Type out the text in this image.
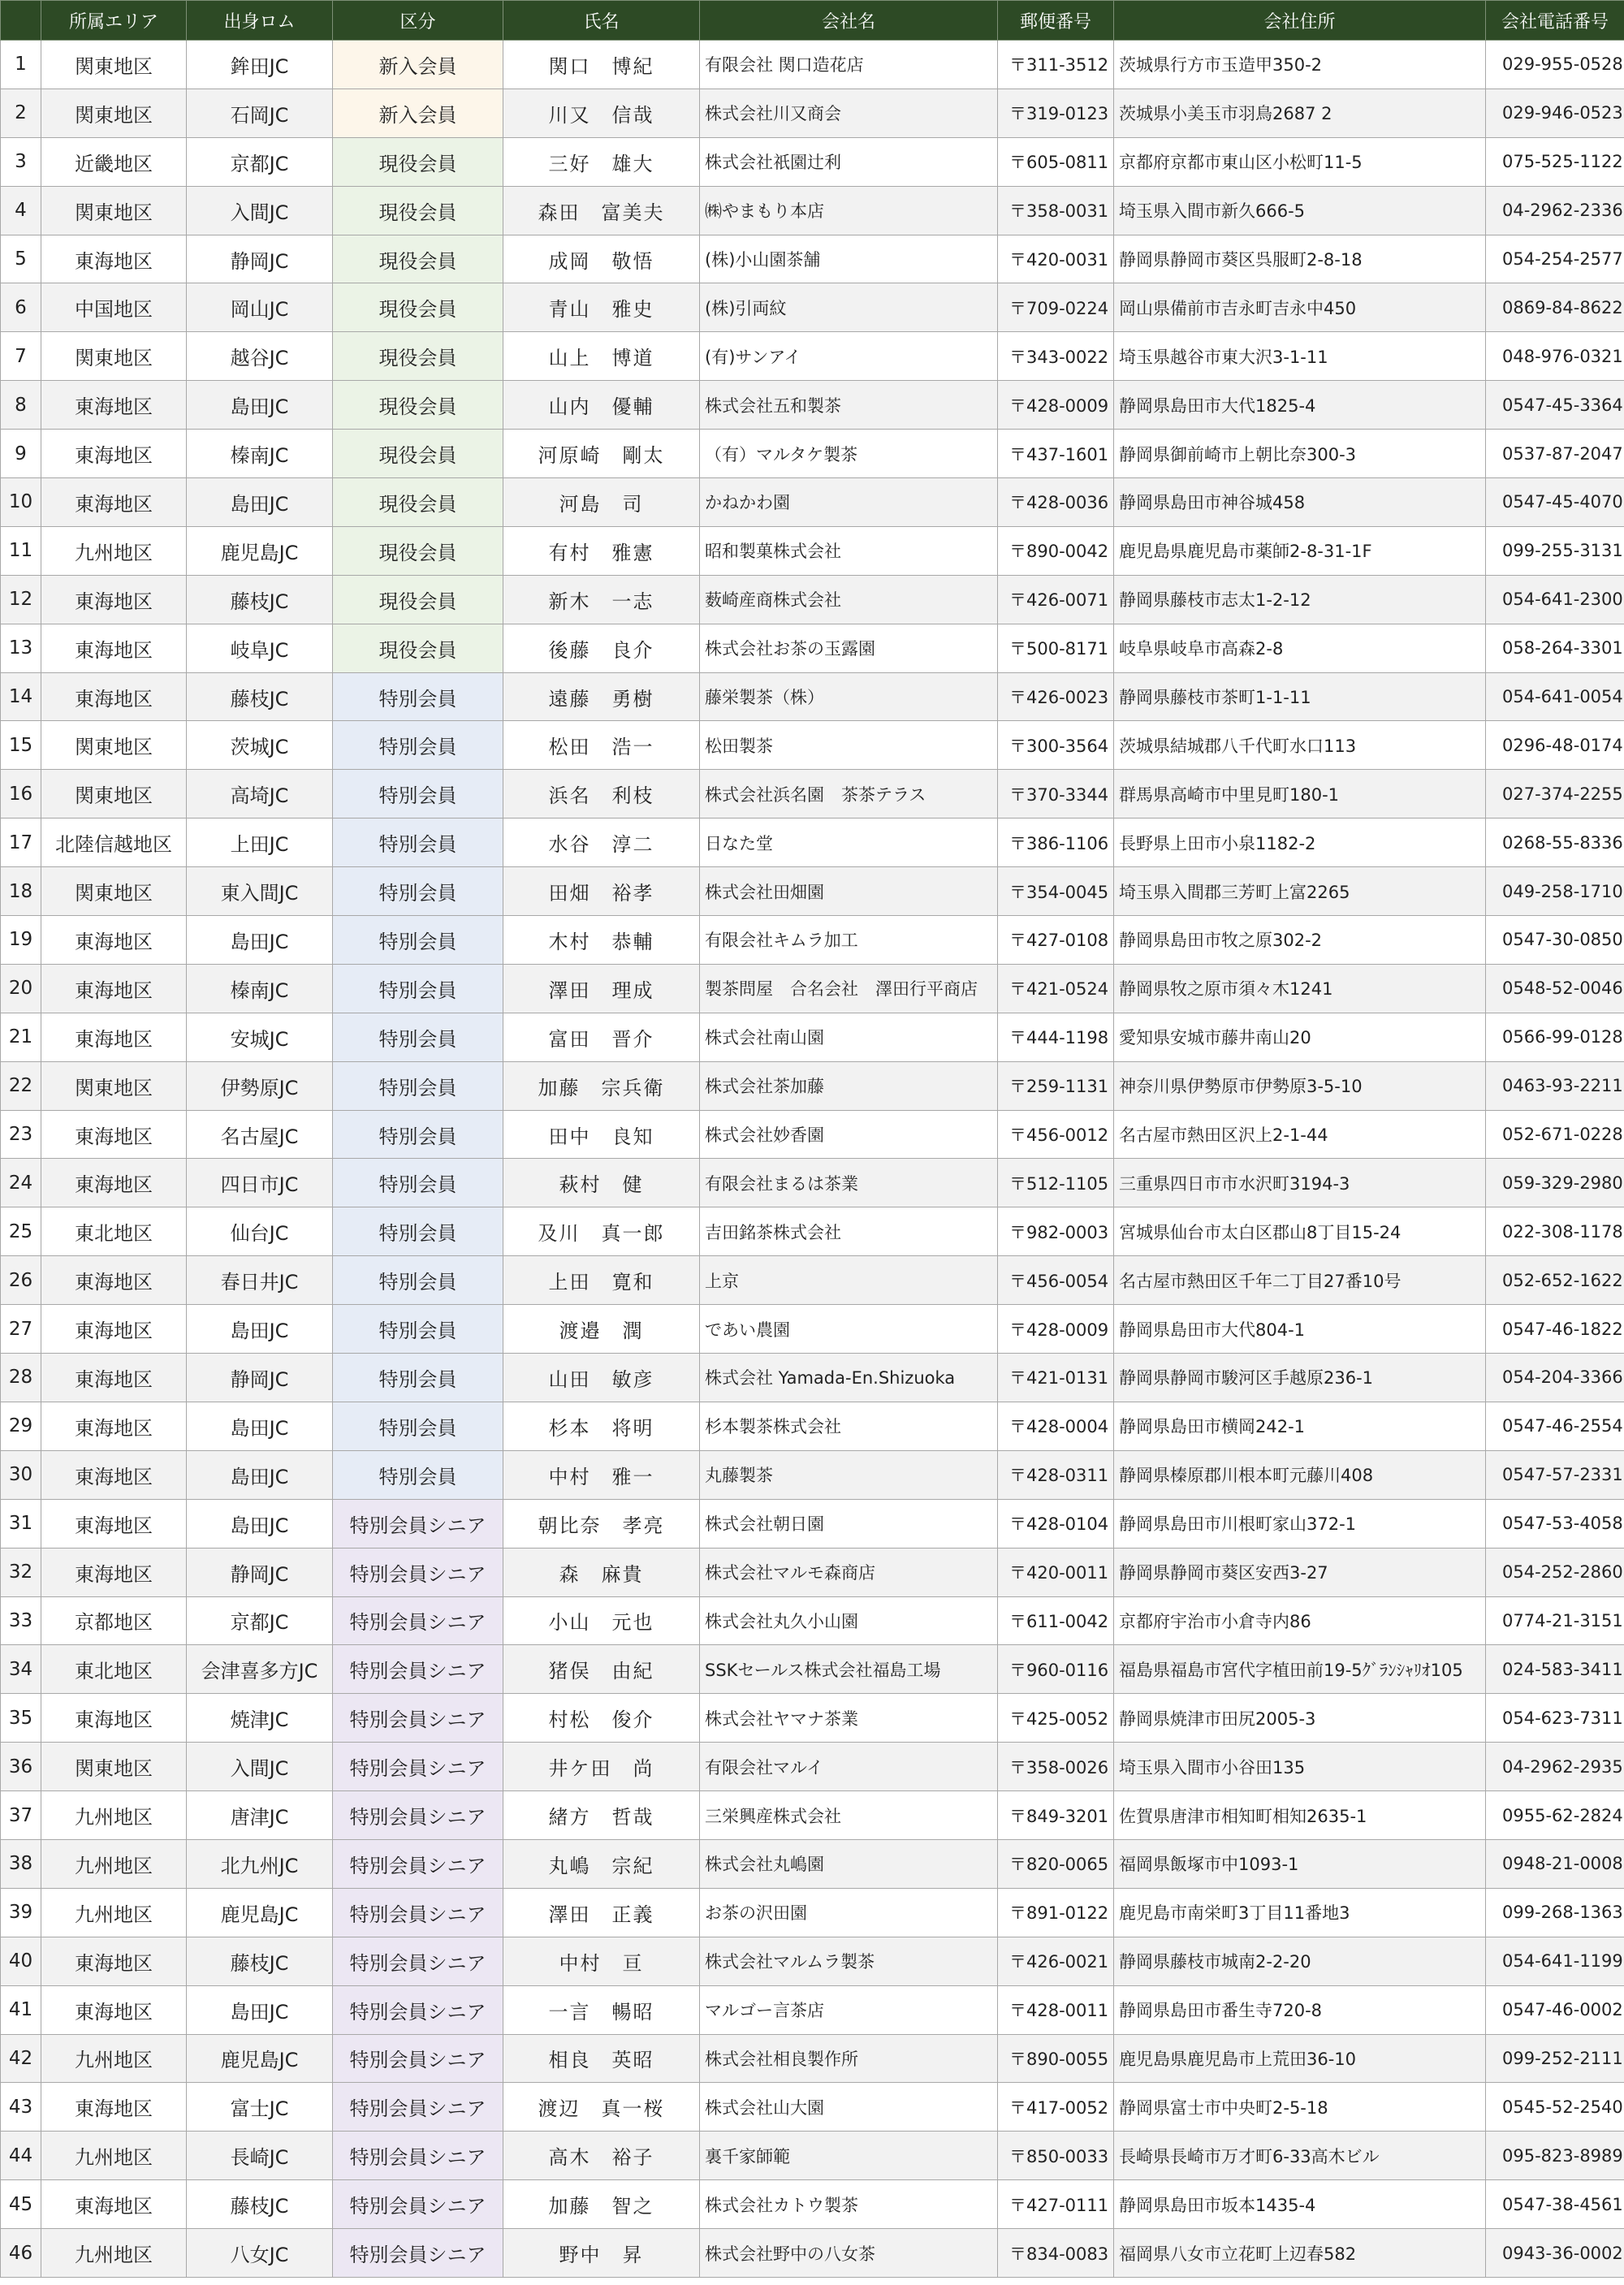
	所属エリア	出身ロム	区分	氏名	会社名	郵便番号	会社住所	会社電話番号
1	関東地区	鉾田JC	新入会員	関口　博紀	有限会社 関口造花店	〒311-3512	茨城県行方市玉造甲350-2	029-955-0528
2	関東地区	石岡JC	新入会員	川又　信哉	株式会社川又商会	〒319-0123	茨城県小美玉市羽鳥2687 2	029-946-0523
3	近畿地区	京都JC	現役会員	三好　雄大	株式会社祇園辻利	〒605-0811	京都府京都市東山区小松町11-5	075-525-1122
4	関東地区	入間JC	現役会員	森田　富美夫	㈱やまもり本店	〒358-0031	埼玉県入間市新久666-5	04-2962-2336
5	東海地区	静岡JC	現役会員	成岡　敬悟	(株)小山園茶舗	〒420-0031	静岡県静岡市葵区呉服町2-8-18	054-254-2577
6	中国地区	岡山JC	現役会員	青山　雅史	(株)引両紋	〒709-0224	岡山県備前市吉永町吉永中450	0869-84-8622
7	関東地区	越谷JC	現役会員	山上　博道	(有)サンアイ	〒343-0022	埼玉県越谷市東大沢3-1-11	048-976-0321
8	東海地区	島田JC	現役会員	山内　優輔	株式会社五和製茶	〒428-0009	静岡県島田市大代1825-4	0547-45-3364
9	東海地区	榛南JC	現役会員	河原崎　剛太	（有）マルタケ製茶	〒437-1601	静岡県御前崎市上朝比奈300-3	0537-87-2047
10	東海地区	島田JC	現役会員	河島　司	かねかわ園	〒428-0036	静岡県島田市神谷城458	0547-45-4070
11	九州地区	鹿児島JC	現役会員	有村　雅憲	昭和製菓株式会社	〒890-0042	鹿児島県鹿児島市薬師2-8-31-1F	099-255-3131
12	東海地区	藤枝JC	現役会員	新木　一志	薮崎産商株式会社	〒426-0071	静岡県藤枝市志太1-2-12	054-641-2300
13	東海地区	岐阜JC	現役会員	後藤　良介	株式会社お茶の玉露園	〒500-8171	岐阜県岐阜市高森2-8	058-264-3301
14	東海地区	藤枝JC	特別会員	遠藤　勇樹	藤栄製茶（株）	〒426-0023	静岡県藤枝市茶町1-1-11	054-641-0054
15	関東地区	茨城JC	特別会員	松田　浩一	松田製茶	〒300-3564	茨城県結城郡八千代町水口113	0296-48-0174
16	関東地区	高埼JC	特別会員	浜名　利枝	株式会社浜名園　茶茶テラス	〒370-3344	群馬県高崎市中里見町180-1	027-374-2255
17	北陸信越地区	上田JC	特別会員	水谷　淳二	日なた堂	〒386-1106	長野県上田市小泉1182-2	0268-55-8336
18	関東地区	東入間JC	特別会員	田畑　裕孝	株式会社田畑園	〒354-0045	埼玉県入間郡三芳町上富2265	049-258-1710
19	東海地区	島田JC	特別会員	木村　恭輔	有限会社キムラ加工	〒427-0108	静岡県島田市牧之原302-2	0547-30-0850
20	東海地区	榛南JC	特別会員	澤田　理成	製茶問屋　合名会社　澤田行平商店	〒421-0524	静岡県牧之原市須々木1241	0548-52-0046
21	東海地区	安城JC	特別会員	富田　晋介	株式会社南山園	〒444-1198	愛知県安城市藤井南山20	0566-99-0128
22	関東地区	伊勢原JC	特別会員	加藤　宗兵衛	株式会社茶加藤	〒259-1131	神奈川県伊勢原市伊勢原3-5-10	0463-93-2211
23	東海地区	名古屋JC	特別会員	田中　良知	株式会社妙香園	〒456-0012	名古屋市熱田区沢上2-1-44	052-671-0228
24	東海地区	四日市JC	特別会員	萩村　健	有限会社まるは茶業	〒512-1105	三重県四日市市水沢町3194-3	059-329-2980
25	東北地区	仙台JC	特別会員	及川　真一郎	吉田銘茶株式会社	〒982-0003	宮城県仙台市太白区郡山8丁目15-24	022-308-1178
26	東海地区	春日井JC	特別会員	上田　寛和	上京	〒456-0054	名古屋市熱田区千年二丁目27番10号	052-652-1622
27	東海地区	島田JC	特別会員	渡邉　潤	であい農園	〒428-0009	静岡県島田市大代804-1	0547-46-1822
28	東海地区	静岡JC	特別会員	山田　敏彦	株式会社 Yamada-En.Shizuoka	〒421-0131	静岡県静岡市駿河区手越原236-1	054-204-3366
29	東海地区	島田JC	特別会員	杉本　将明	杉本製茶株式会社	〒428-0004	静岡県島田市横岡242-1	0547-46-2554
30	東海地区	島田JC	特別会員	中村　雅一	丸藤製茶	〒428-0311	静岡県榛原郡川根本町元藤川408	0547-57-2331
31	東海地区	島田JC	特別会員シニア	朝比奈　孝亮	株式会社朝日園	〒428-0104	静岡県島田市川根町家山372-1	0547-53-4058
32	東海地区	静岡JC	特別会員シニア	森　麻貴	株式会社マルモ森商店	〒420-0011	静岡県静岡市葵区安西3-27	054-252-2860
33	京都地区	京都JC	特別会員シニア	小山　元也	株式会社丸久小山園	〒611-0042	京都府宇治市小倉寺内86	0774-21-3151
34	東北地区	会津喜多方JC	特別会員シニア	猪俣　由紀	SSKセールス株式会社福島工場	〒960-0116	福島県福島市宮代字植田前19-5ｸﾞﾗﾝｼｬﾘｵ105	024-583-3411
35	東海地区	焼津JC	特別会員シニア	村松　俊介	株式会社ヤマナ茶業	〒425-0052	静岡県焼津市田尻2005-3	054-623-7311
36	関東地区	入間JC	特別会員シニア	井ケ田　尚	有限会社マルイ	〒358-0026	埼玉県入間市小谷田135	04-2962-2935
37	九州地区	唐津JC	特別会員シニア	緒方　哲哉	三栄興産株式会社	〒849-3201	佐賀県唐津市相知町相知2635-1	0955-62-2824
38	九州地区	北九州JC	特別会員シニア	丸嶋　宗紀	株式会社丸嶋園	〒820-0065	福岡県飯塚市中1093-1	0948-21-0008
39	九州地区	鹿児島JC	特別会員シニア	澤田　正義	お茶の沢田園	〒891-0122	鹿児島市南栄町3丁目11番地3	099-268-1363
40	東海地区	藤枝JC	特別会員シニア	中村　亘	株式会社マルムラ製茶	〒426-0021	静岡県藤枝市城南2-2-20	054-641-1199
41	東海地区	島田JC	特別会員シニア	一言　暢昭	マルゴー言茶店	〒428-0011	静岡県島田市番生寺720-8	0547-46-0002
42	九州地区	鹿児島JC	特別会員シニア	相良　英昭	株式会社相良製作所	〒890-0055	鹿児島県鹿児島市上荒田36-10	099-252-2111
43	東海地区	富士JC	特別会員シニア	渡辺　真一桜	株式会社山大園	〒417-0052	静岡県富士市中央町2-5-18	0545-52-2540
44	九州地区	長崎JC	特別会員シニア	高木　裕子	裏千家師範	〒850-0033	長崎県長崎市万才町6-33高木ビル	095-823-8989
45	東海地区	藤枝JC	特別会員シニア	加藤　智之	株式会社カトウ製茶	〒427-0111	静岡県島田市坂本1435-4	0547-38-4561
46	九州地区	八女JC	特別会員シニア	野中　昇	株式会社野中の八女茶	〒834-0083	福岡県八女市立花町上辺春582	0943-36-0002
